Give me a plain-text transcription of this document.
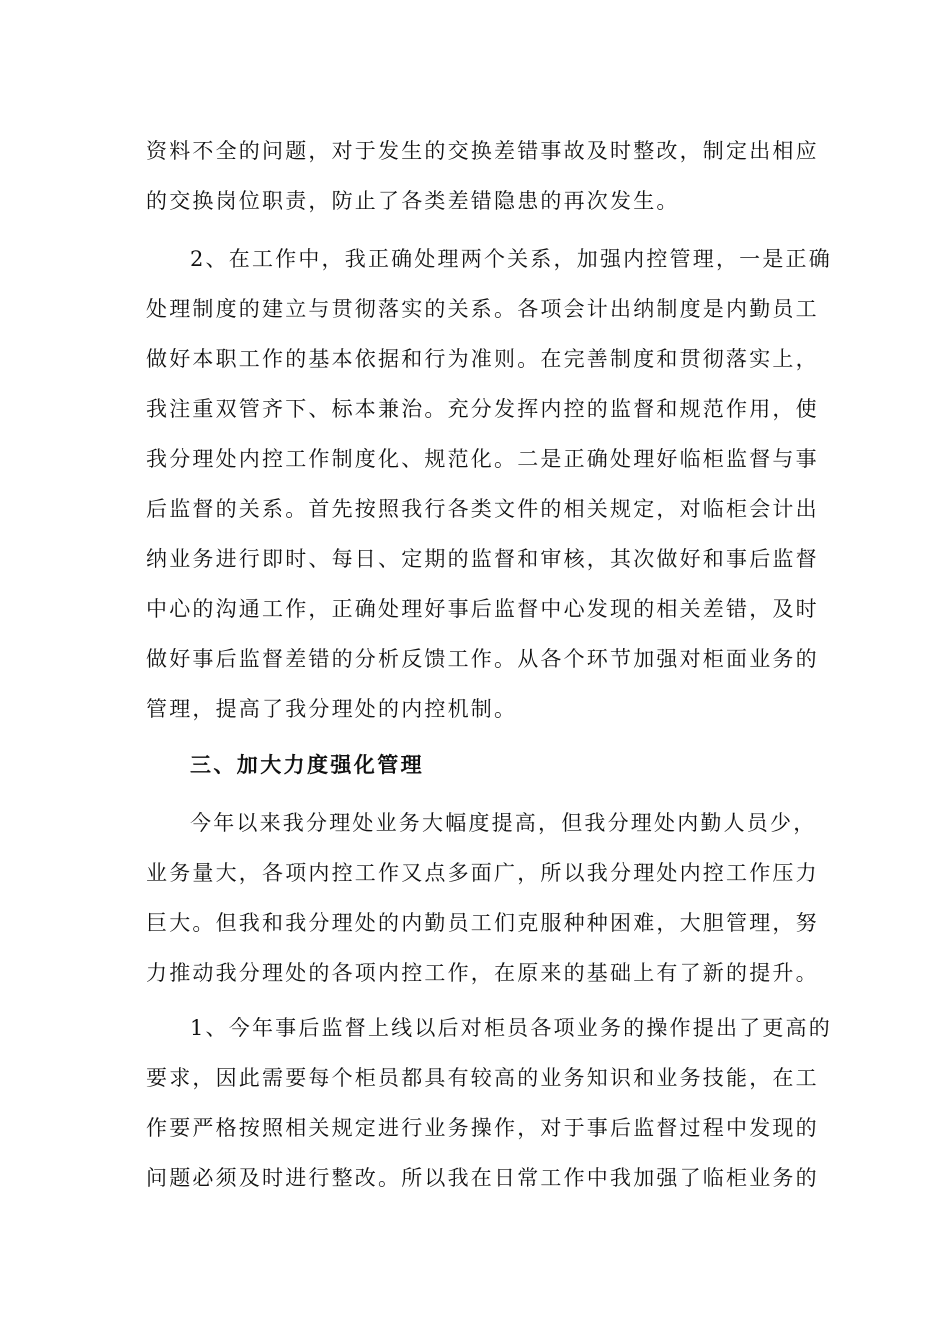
资料不全的问题，对于发生的交换差错事故及时整改，制定出相应
的交换岗位职责，防止了各类差错隐患的再次发生。
2、在工作中，我正确处理两个关系，加强内控管理，一是正确
处理制度的建立与贯彻落实的关系。各项会计出纳制度是内勤员工
做好本职工作的基本依据和行为准则。在完善制度和贯彻落实上，
我注重双管齐下、标本兼治。充分发挥内控的监督和规范作用，使
我分理处内控工作制度化、规范化。二是正确处理好临柜监督与事
后监督的关系。首先按照我行各类文件的相关规定，对临柜会计出
纳业务进行即时、每日、定期的监督和审核，其次做好和事后监督
中心的沟通工作，正确处理好事后监督中心发现的相关差错，及时
做好事后监督差错的分析反馈工作。从各个环节加强对柜面业务的
管理，提高了我分理处的内控机制。
三、加大力度强化管理
今年以来我分理处业务大幅度提高，但我分理处内勤人员少，
业务量大，各项内控工作又点多面广，所以我分理处内控工作压力
巨大。但我和我分理处的内勤员工们克服种种困难，大胆管理，努
力推动我分理处的各项内控工作，在原来的基础上有了新的提升。
1、今年事后监督上线以后对柜员各项业务的操作提出了更高的
要求，因此需要每个柜员都具有较高的业务知识和业务技能，在工
作要严格按照相关规定进行业务操作，对于事后监督过程中发现的
问题必须及时进行整改。所以我在日常工作中我加强了临柜业务的
